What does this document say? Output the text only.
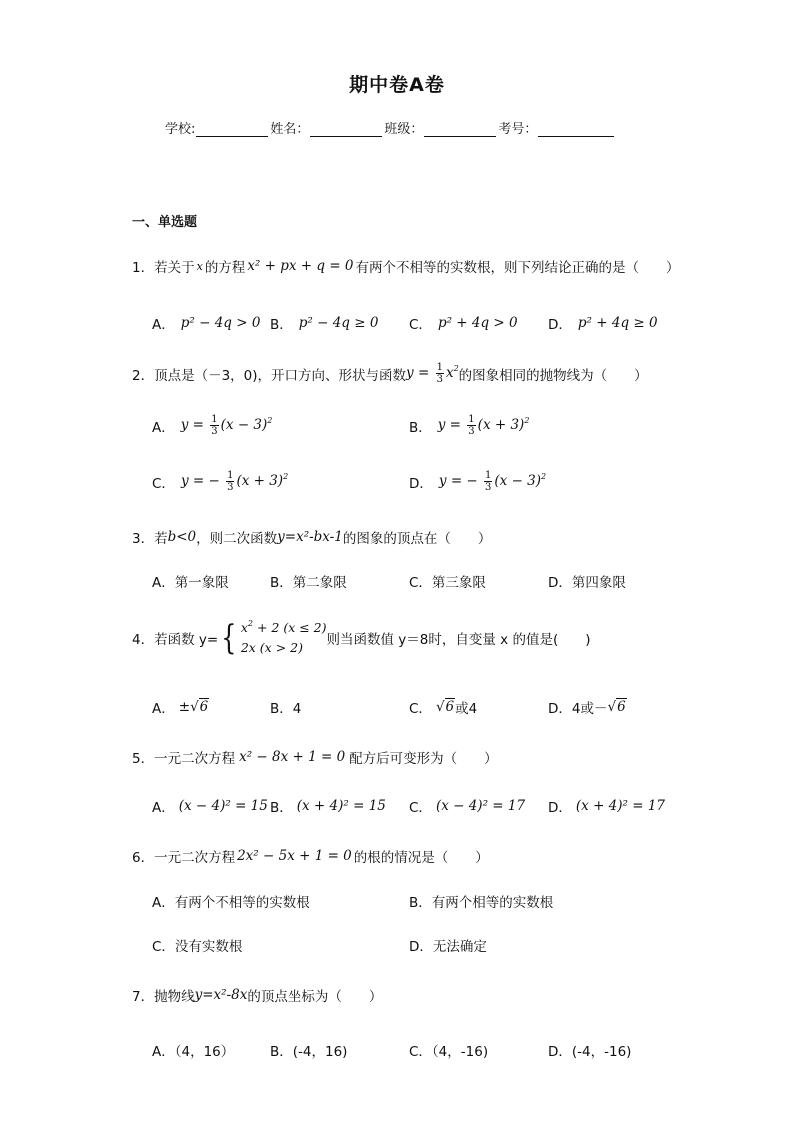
期中卷A卷
学校:	姓名：	班级：	考号：
一、单选题
1． 若关于 x 的方程 x² + px + q = 0 有两个不相等的实数根，则下列结论正确的是（　　）
A． p² − 4q > 0 B． p² − 4q ≥ 0 C． p² + 4q > 0 D． p² + 4q ≥ 0
2． 顶点是（－3，0)，开口方向、形状与函数 $y = \frac{1}{3} x^2$ 的图象相同的抛物线为（　　）
A． $y = \frac{1}{3} (x - 3)^2$	B． $y = \frac{1}{3} (x + 3)^2$
C． y = − $\frac{1}{3} (x + 3)^2$	D． y = − $\frac{1}{3} (x - 3)^2$
3． 若 b<0 ，则二次函数 y=x²-bx-1 的图象的顶点在（　　）
A．第一象限	B．第二象限	C．第三象限	D．第四象限
4． 若函数 y= { $x^2 + 2$ (x ≤ 2)
2x (x > 2)	则当函数值 y＝8时，自变量 x 的值是(　　)
A． ± √6	B．4	C． √6 或4	D．4或－ √6
5． 一元二次方程 x² − 8x + 1 = 0 配方后可变形为（　　）
A． (x − 4)² = 15 B． (x + 4)² = 15 C． (x − 4)² = 17 D． (x + 4)² = 17
6． 一元二次方程 2x² − 5x + 1 = 0 的根的情况是（　　）
A．有两个不相等的实数根	B．有两个相等的实数根
C．没有实数根	D．无法确定
7． 抛物线 y=x²-8x 的顶点坐标为（　　）
A．（4，16）	B．(-4，16)	C．（4，-16)	D．(-4，-16)
